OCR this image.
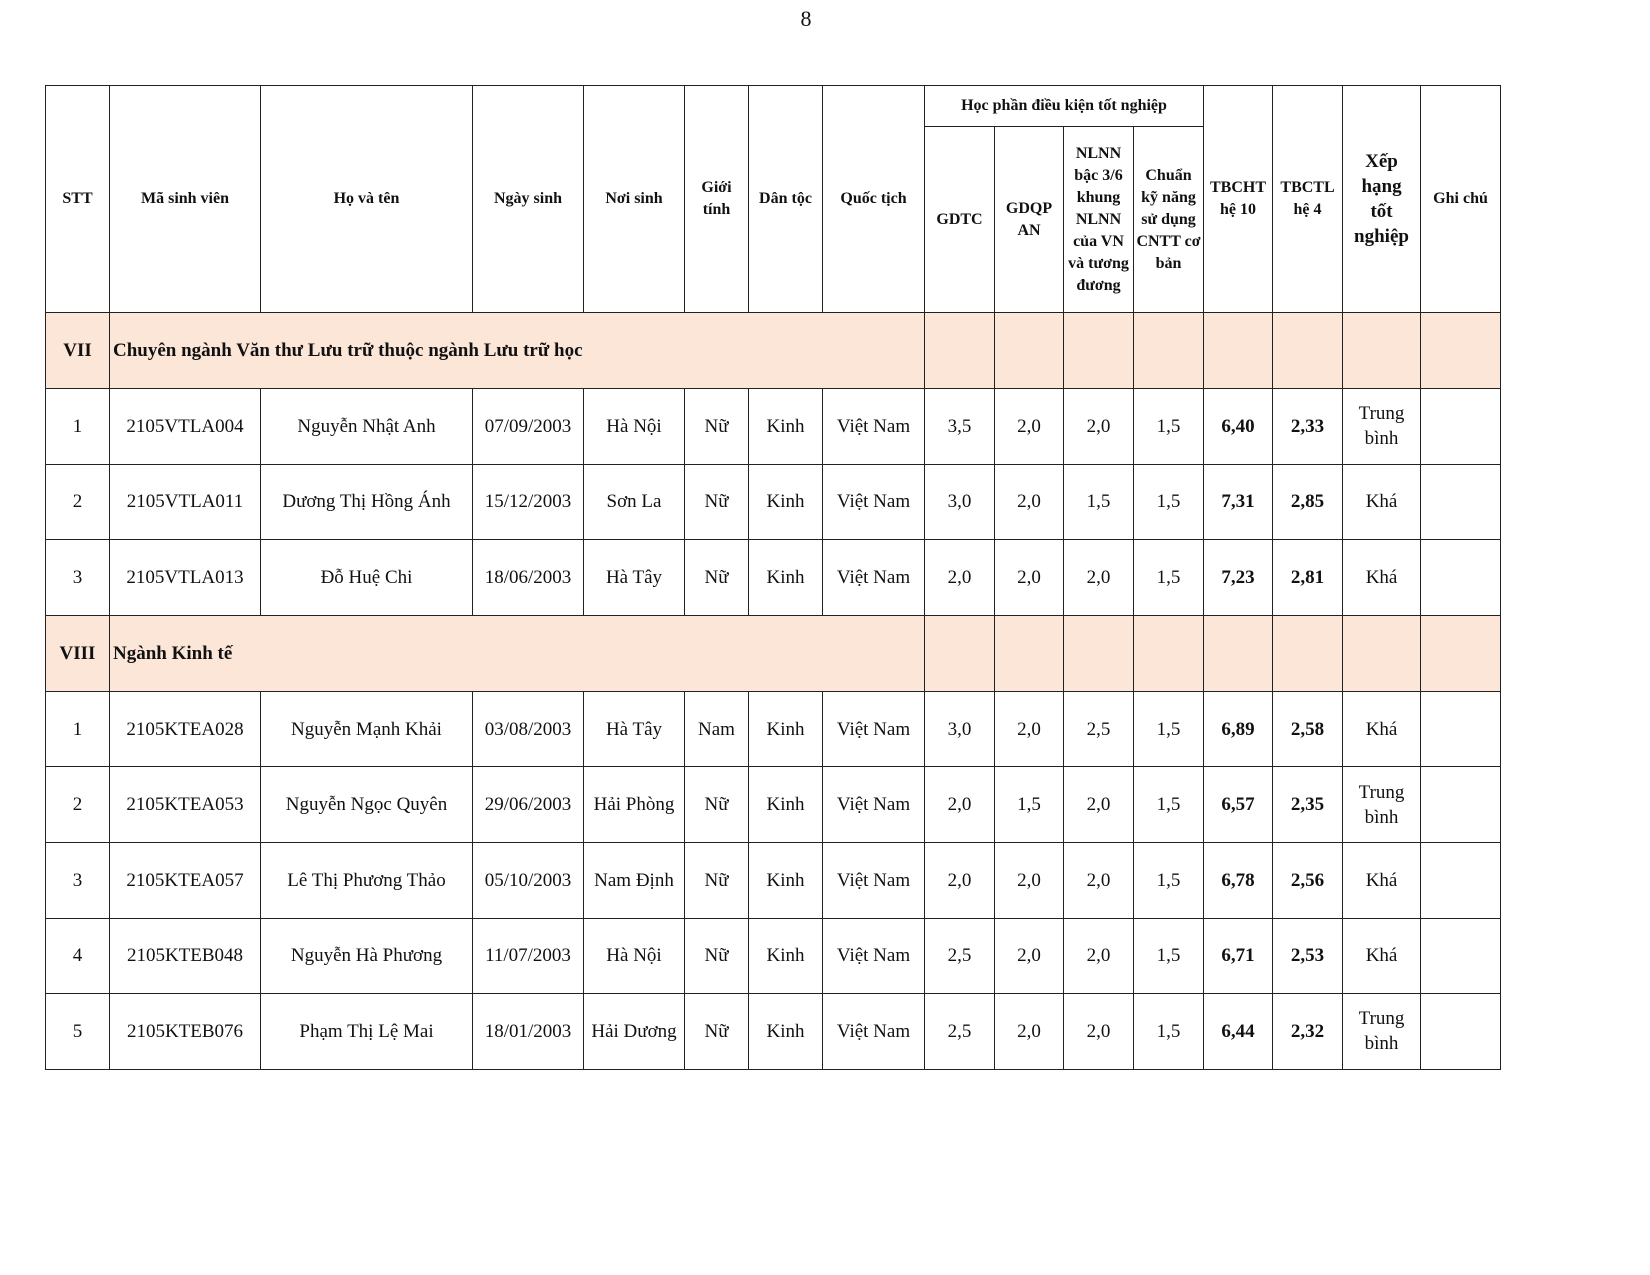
8
STT	Mã sinh viên	Họ và tên	Ngày sinh	Nơi sinh	Giới tính	Dân tộc	Quốc tịch	Học phần điều kiện tốt nghiệp				TBCHT hệ 10	TBCTL hệ 4	Xếp hạng tốt nghiệp	Ghi chú
								GDTC	GDQP AN	NLNN bậc 3/6 khung NLNN của VN và tương đương	Chuẩn kỹ năng sử dụng CNTT cơ bản				
VII	Chuyên ngành Văn thư Lưu trữ thuộc ngành Lưu trữ học														
1	2105VTLA004	Nguyễn Nhật Anh	07/09/2003	Hà Nội	Nữ	Kinh	Việt Nam	3,5	2,0	2,0	1,5	6,40	2,33	Trung bình	
2	2105VTLA011	Dương Thị Hồng Ánh	15/12/2003	Sơn La	Nữ	Kinh	Việt Nam	3,0	2,0	1,5	1,5	7,31	2,85	Khá	
3	2105VTLA013	Đỗ Huệ Chi	18/06/2003	Hà Tây	Nữ	Kinh	Việt Nam	2,0	2,0	2,0	1,5	7,23	2,81	Khá	
VIII	Ngành Kinh tế														
1	2105KTEA028	Nguyễn Mạnh Khải	03/08/2003	Hà Tây	Nam	Kinh	Việt Nam	3,0	2,0	2,5	1,5	6,89	2,58	Khá	
2	2105KTEA053	Nguyễn Ngọc Quyên	29/06/2003	Hải Phòng	Nữ	Kinh	Việt Nam	2,0	1,5	2,0	1,5	6,57	2,35	Trung bình	
3	2105KTEA057	Lê Thị Phương Thảo	05/10/2003	Nam Định	Nữ	Kinh	Việt Nam	2,0	2,0	2,0	1,5	6,78	2,56	Khá	
4	2105KTEB048	Nguyễn Hà Phương	11/07/2003	Hà Nội	Nữ	Kinh	Việt Nam	2,5	2,0	2,0	1,5	6,71	2,53	Khá	
5	2105KTEB076	Phạm Thị Lệ Mai	18/01/2003	Hải Dương	Nữ	Kinh	Việt Nam	2,5	2,0	2,0	1,5	6,44	2,32	Trung bình	
